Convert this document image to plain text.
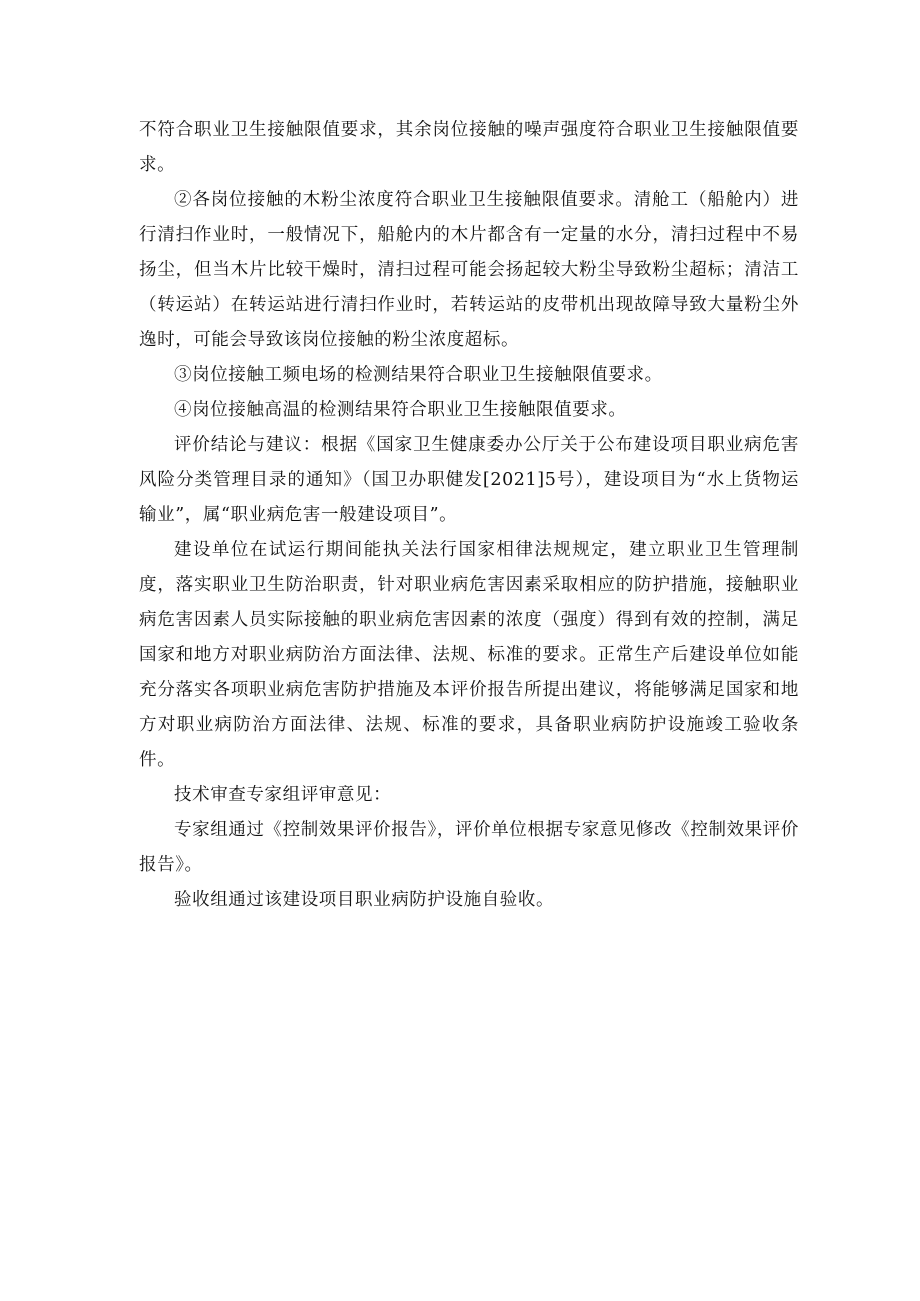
不符合职业卫生接触限值要求，其余岗位接触的噪声强度符合职业卫生接触限值要求。

②各岗位接触的木粉尘浓度符合职业卫生接触限值要求。清舱工（船舱内）进行清扫作业时，一般情况下，船舱内的木片都含有一定量的水分，清扫过程中不易扬尘，但当木片比较干燥时，清扫过程可能会扬起较大粉尘导致粉尘超标；清洁工（转运站）在转运站进行清扫作业时，若转运站的皮带机出现故障导致大量粉尘外逸时，可能会导致该岗位接触的粉尘浓度超标。

③岗位接触工频电场的检测结果符合职业卫生接触限值要求。

④岗位接触高温的检测结果符合职业卫生接触限值要求。

评价结论与建议：根据《国家卫生健康委办公厅关于公布建设项目职业病危害风险分类管理目录的通知》（国卫办职健发[2021]5号），建设项目为“水上货物运输业”，属“职业病危害一般建设项目”。

建设单位在试运行期间能执关法行国家相律法规规定，建立职业卫生管理制度，落实职业卫生防治职责，针对职业病危害因素采取相应的防护措施，接触职业病危害因素人员实际接触的职业病危害因素的浓度（强度）得到有效的控制，满足国家和地方对职业病防治方面法律、法规、标准的要求。正常生产后建设单位如能充分落实各项职业病危害防护措施及本评价报告所提出建议，将能够满足国家和地方对职业病防治方面法律、法规、标准的要求，具备职业病防护设施竣工验收条件。

技术审查专家组评审意见：

专家组通过《控制效果评价报告》，评价单位根据专家意见修改《控制效果评价报告》。

验收组通过该建设项目职业病防护设施自验收。
